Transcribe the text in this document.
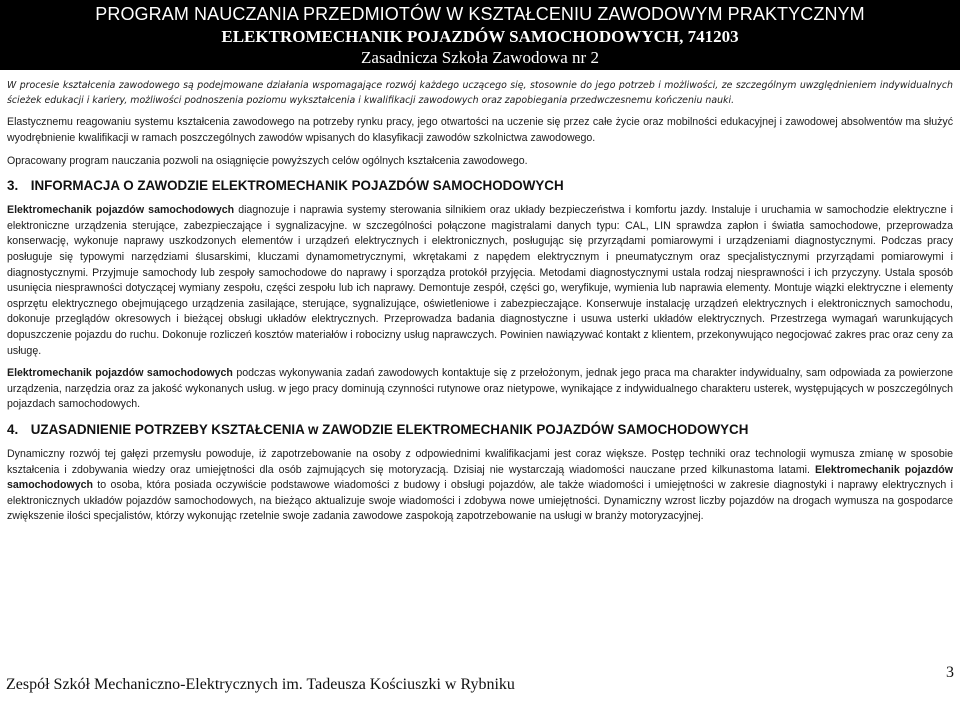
PROGRAM NAUCZANIA PRZEDMIOTÓW W KSZTAŁCENIU ZAWODOWYM PRAKTYCZNYM
ELEKTROMECHANIK POJAZDÓW SAMOCHODOWYCH, 741203
Zasadnicza Szkoła Zawodowa nr 2

W procesie kształcenia zawodowego są podejmowane działania wspomagające rozwój każdego uczącego się, stosownie do jego potrzeb i możliwości, ze szczególnym uwzględnieniem indywidualnych ścieżek edukacji i kariery, możliwości podnoszenia poziomu wykształcenia i kwalifikacji zawodowych oraz zapobiegania przedwczesnemu kończeniu nauki.

Elastycznemu reagowaniu systemu kształcenia zawodowego na potrzeby rynku pracy, jego otwartości na uczenie się przez całe życie oraz mobilności edukacyjnej i zawodowej absolwentów ma służyć wyodrębnienie kwalifikacji w ramach poszczególnych zawodów wpisanych do klasyfikacji zawodów szkolnictwa zawodowego.

Opracowany program nauczania pozwoli na osiągnięcie powyższych celów ogólnych kształcenia zawodowego.

3. INFORMACJA O ZAWODZIE ELEKTROMECHANIK POJAZDÓW SAMOCHODOWYCH

Elektromechanik pojazdów samochodowych diagnozuje i naprawia systemy sterowania silnikiem oraz układy bezpieczeństwa i komfortu jazdy. Instaluje i uruchamia w samochodzie elektryczne i elektroniczne urządzenia sterujące, zabezpieczające i sygnalizacyjne. w szczególności połączone magistralami danych typu: CAL, LIN sprawdza zapłon i światła samochodowe, przeprowadza konserwację, wykonuje naprawy uszkodzonych elementów i urządzeń elektrycznych i elektronicznych, posługując się przyrządami pomiarowymi i urządzeniami diagnostycznymi. Podczas pracy posługuje się typowymi narzędziami ślusarskimi, kluczami dynamometrycznymi, wkrętakami z napędem elektrycznym i pneumatycznym oraz specjalistycznymi przyrządami pomiarowymi i diagnostycznymi. Przyjmuje samochody lub zespoły samochodowe do naprawy i sporządza protokół przyjęcia. Metodami diagnostycznymi ustala rodzaj niesprawności i ich przyczyny. Ustala sposób usunięcia niesprawności dotyczącej wymiany zespołu, części zespołu lub ich naprawy. Demontuje zespół, części go, weryfikuje, wymienia lub naprawia elementy. Montuje wiązki elektryczne i elementy osprzętu elektrycznego obejmującego urządzenia zasilające, sterujące, sygnalizujące, oświetleniowe i zabezpieczające. Konserwuje instalację urządzeń elektrycznych i elektronicznych samochodu, dokonuje przeglądów okresowych i bieżącej obsługi układów elektrycznych. Przeprowadza badania diagnostyczne i usuwa usterki układów elektrycznych. Przestrzega wymagań warunkujących dopuszczenie pojazdu do ruchu. Dokonuje rozliczeń kosztów materiałów i robocizny usług naprawczych. Powinien nawiązywać kontakt z klientem, przekonywująco negocjować zakres prac oraz ceny za usługę.

Elektromechanik pojazdów samochodowych podczas wykonywania zadań zawodowych kontaktuje się z przełożonym, jednak jego praca ma charakter indywidualny, sam odpowiada za powierzone urządzenia, narzędzia oraz za jakość wykonanych usług. w jego pracy dominują czynności rutynowe oraz nietypowe, wynikające z indywidualnego charakteru usterek, występujących w poszczególnych pojazdach samochodowych.

4. UZASADNIENIE POTRZEBY KSZTAŁCENIA w ZAWODZIE ELEKTROMECHANIK POJAZDÓW SAMOCHODOWYCH

Dynamiczny rozwój tej gałęzi przemysłu powoduje, iż zapotrzebowanie na osoby z odpowiednimi kwalifikacjami jest coraz większe. Postęp techniki oraz technologii wymusza zmianę w sposobie kształcenia i zdobywania wiedzy oraz umiejętności dla osób zajmujących się motoryzacją. Dzisiaj nie wystarczają wiadomości nauczane przed kilkunastoma latami. Elektromechanik pojazdów samochodowych to osoba, która posiada oczywiście podstawowe wiadomości z budowy i obsługi pojazdów, ale także wiadomości i umiejętności w zakresie diagnostyki i naprawy elektrycznych i elektronicznych układów pojazdów samochodowych, na bieżąco aktualizuje swoje wiadomości i zdobywa nowe umiejętności. Dynamiczny wzrost liczby pojazdów na drogach wymusza na gospodarce zwiększenie ilości specjalistów, którzy wykonując rzetelnie swoje zadania zawodowe zaspokoją zapotrzebowanie na usługi w branży motoryzacyjnej.

3
Zespół Szkół Mechaniczno-Elektrycznych im. Tadeusza Kościuszki w Rybniku
